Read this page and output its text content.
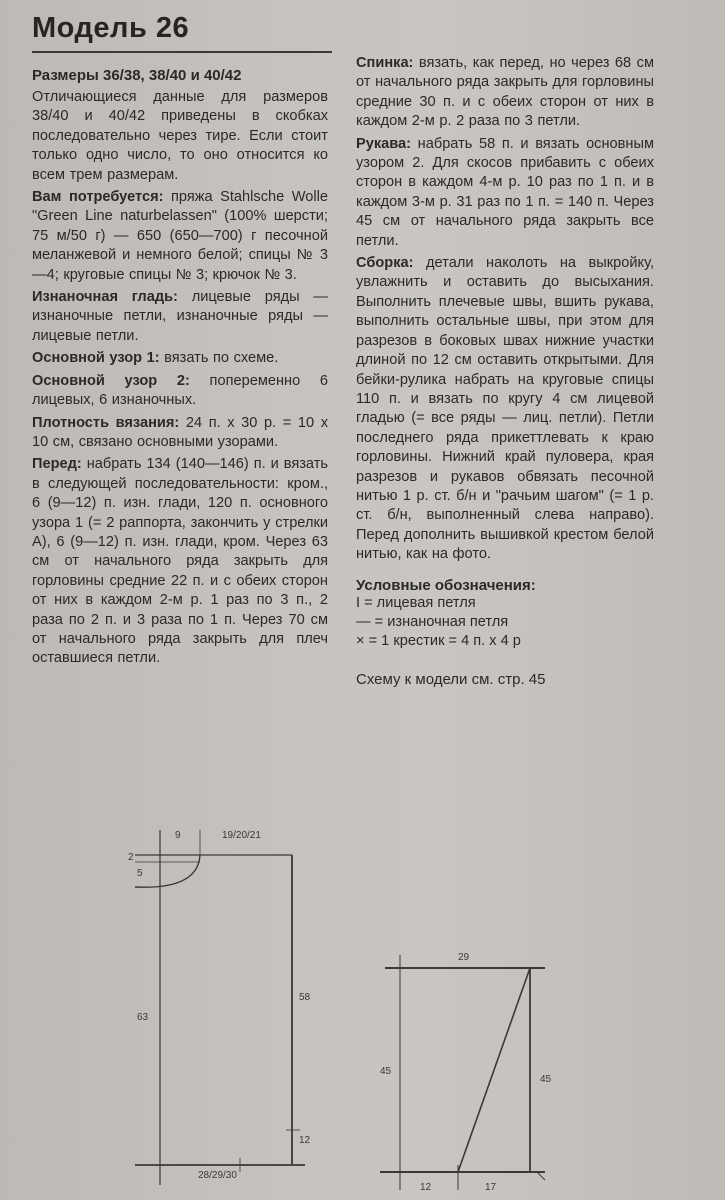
Модель 26
Размеры 36/38, 38/40 и 40/42

Отличающиеся данные для размеров 38/40 и 40/42 приведены в скобках последовательно через тире. Если стоит только одно число, то оно относится ко всем трем размерам.

Вам потребуется: пряжа Stahlsche Wolle "Green Line naturbelassen" (100% шерсти; 75 м/50 г) — 650 (650—700) г песочной меланжевой и немного белой; спицы № 3—4; круговые спицы № 3; крючок № 3.

Изнаночная гладь: лицевые ряды — изнаночные петли, изнаночные ряды — лицевые петли.

Основной узор 1: вязать по схеме.

Основной узор 2: попеременно 6 лицевых, 6 изнаночных.

Плотность вязания: 24 п. х 30 р. = 10 х 10 см, связано основными узорами.

Перед: набрать 134 (140—146) п. и вязать в следующей последовательности: кром., 6 (9—12) п. изн. глади, 120 п. основного узора 1 (= 2 раппорта, закончить у стрелки А), 6 (9—12) п. изн. глади, кром. Через 63 см от начального ряда закрыть для горловины средние 22 п. и с обеих сторон от них в каждом 2-м р. 1 раз по 3 п., 2 раза по 2 п. и 3 раза по 1 п. Через 70 см от начального ряда закрыть для плеч оставшиеся петли.

Спинка: вязать, как перед, но через 68 см от начального ряда закрыть для горловины средние 30 п. и с обеих сторон от них в каждом 2-м р. 2 раза по 3 петли.

Рукава: набрать 58 п. и вязать основным узором 2. Для скосов прибавить с обеих сторон в каждом 4-м р. 10 раз по 1 п. и в каждом 3-м р. 31 раз по 1 п. = 140 п. Через 45 см от начального ряда закрыть все петли.

Сборка: детали наколоть на выкройку, увлажнить и оставить до высыхания. Выполнить плечевые швы, вшить рукава, выполнить остальные швы, при этом для разрезов в боковых швах нижние участки длиной по 12 см оставить открытыми. Для бейки-рулика набрать на круговые спицы 110 п. и вязать по кругу 4 см лицевой гладью (= все ряды — лиц. петли). Петли последнего ряда прикеттлевать к краю горловины. Нижний край пуловера, края разрезов и рукавов обвязать песочной нитью 1 р. ст. б/н и "рачьим шагом" (= 1 р. ст. б/н, выполненный слева направо). Перед дополнить вышивкой крестом белой нитью, как на фото.

Условные обозначения:
I = лицевая петля
— = изнаночная петля
× = 1 крестик = 4 п. х 4 р
Схему к модели см. стр. 45
9	19/20/21
2
5
63
58
12
28/29/30
29
45
45
12	17
